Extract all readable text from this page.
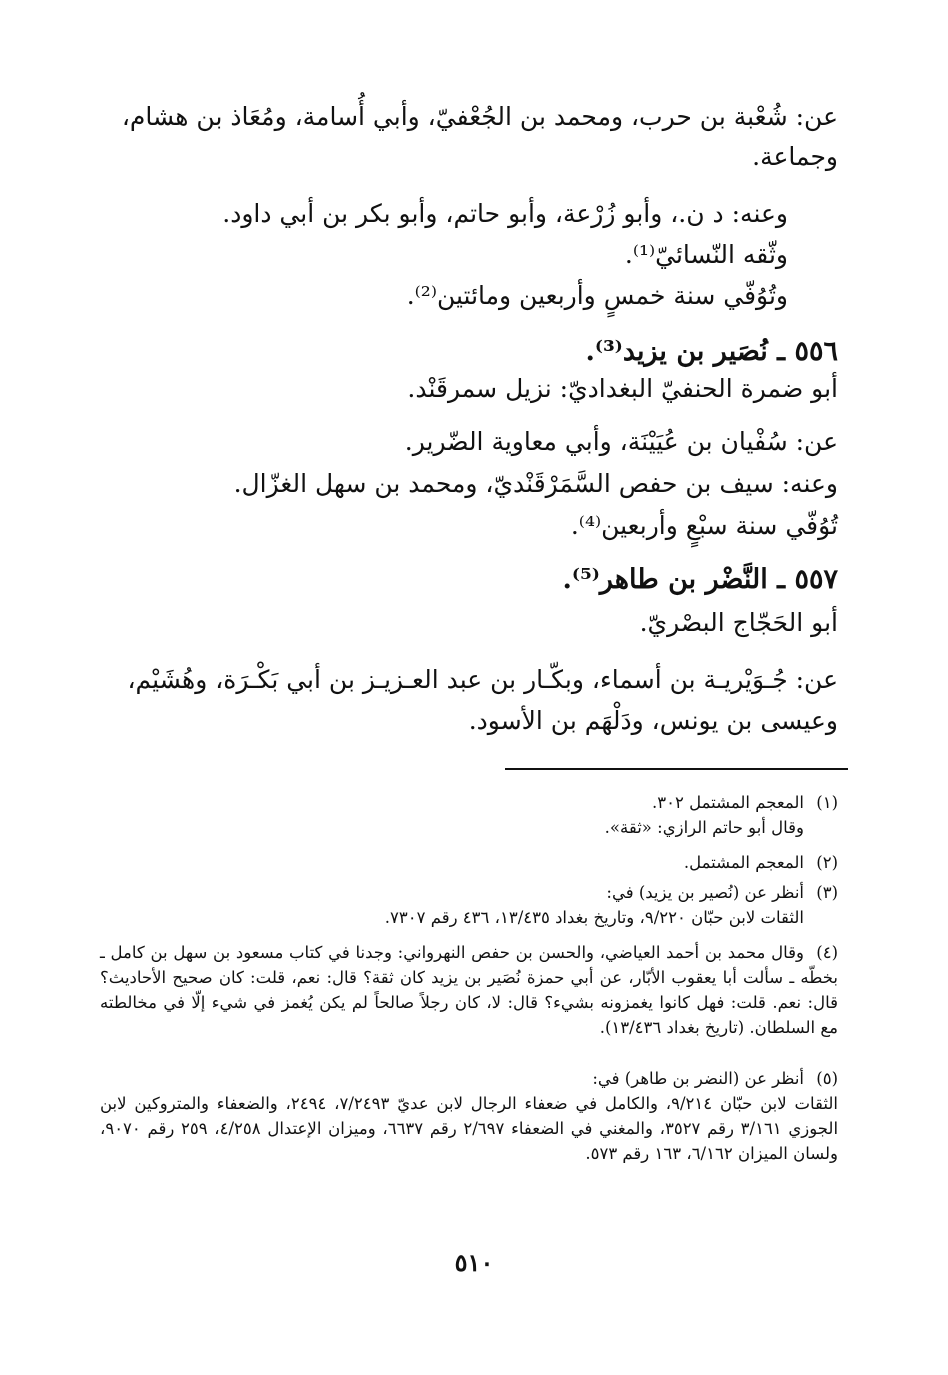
عن: شُعْبة بن حرب، ومحمد بن الجُعْفيّ، وأبي أُسامة، ومُعَاذ بن هشام،
وجماعة.
وعنه: د ن.، وأبو زُرْعة، وأبو حاتم، وأبو بكر بن أبي داود.
وثّقه النّسائيّ⁽¹⁾.
وتُوُفّي سنة خمسٍ وأربعين ومائتين⁽²⁾.
٥٥٦ ـ نُصَير بن يزيد⁽³⁾.
أبو ضمرة الحنفيّ البغداديّ: نزيل سمرقَنْد.
عن: سُفْيان بن عُيَيْنَة، وأبي معاوية الضّرير.
وعنه: سيف بن حفص السَّمَرْقَنْديّ، ومحمد بن سهل الغزّال.
تُوُفّي سنة سبْعٍ وأربعين⁽⁴⁾.
٥٥٧ ـ النَّضْر بن طاهر⁽⁵⁾.
أبو الحَجّاج البصْريّ.
عن: جُـوَيْريـة بن أسماء، وبكّـار بن عبد العـزيـز بن أبي بَكْـرَة، وهُشَيْم،
وعيسى بن يونس، ودَلْهَم بن الأسود.
(١)المعجم المشتمل ٣٠٢.
وقال أبو حاتم الرازي: «ثقة».
(٢)المعجم المشتمل.
(٣)أنظر عن (نُصير بن يزيد) في:
الثقات لابن حبّان ٩/٢٢٠، وتاريخ بغداد ١٣/٤٣٥، ٤٣٦ رقم ٧٣٠٧.
(٤)وقال محمد بن أحمد العياضي، والحسن بن حفص النهرواني: وجدنا في كتاب مسعود بن سهل بن كامل ـ بخطّه ـ سألت أبا يعقوب الأبّار، عن أبي حمزة نُصَير بن يزيد كان ثقة؟ قال: نعم، قلت: كان صحيح الأحاديث؟ قال: نعم. قلت: فهل كانوا يغمزونه بشيء؟ قال: لا، كان رجلاً صالحاً لم يكن يُغمز في شيء إلّا في مخالطته مع السلطان. (تاريخ بغداد ١٣/٤٣٦).
(٥)أنظر عن (النضر بن طاهر) في:
الثقات لابن حبّان ٩/٢١٤، والكامل في ضعفاء الرجال لابن عديّ ٧/٢٤٩٣، ٢٤٩٤، والضعفاء والمتروكين لابن الجوزي ٣/١٦١ رقم ٣٥٢٧، والمغني في الضعفاء ٢/٦٩٧ رقم ٦٦٣٧، وميزان الإعتدال ٤/٢٥٨، ٢٥٩ رقم ٩٠٧٠، ولسان الميزان ٦/١٦٢، ١٦٣ رقم ٥٧٣.
٥١٠
